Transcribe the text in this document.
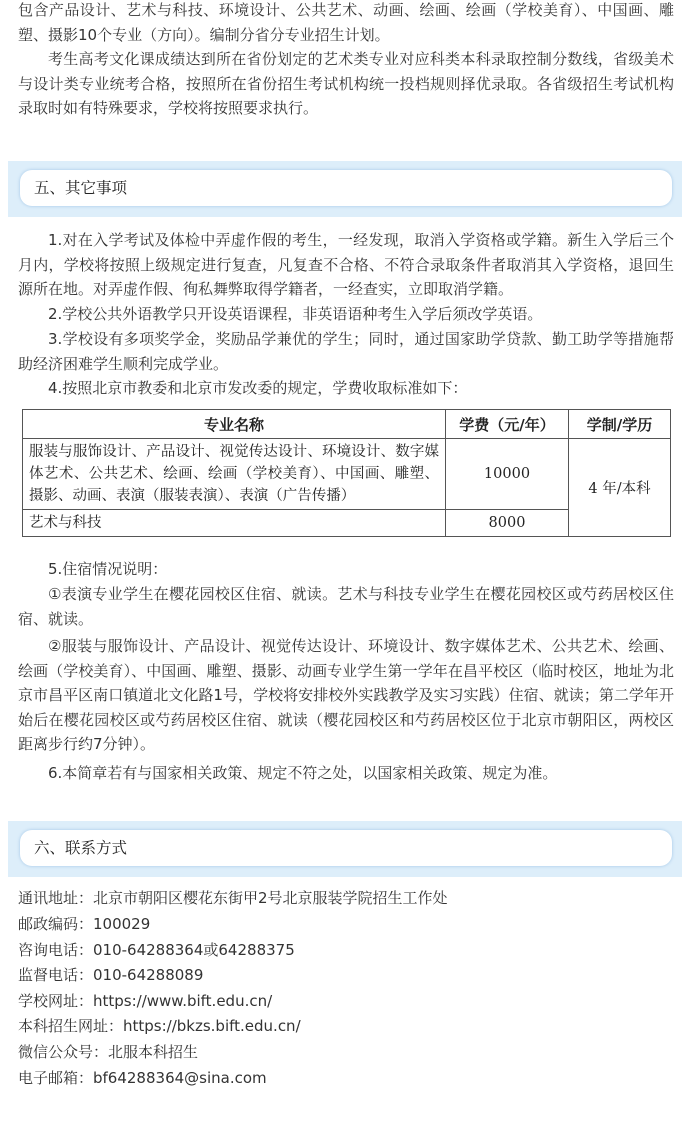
包含产品设计、艺术与科技、环境设计、公共艺术、动画、绘画、绘画（学校美育）、中国画、雕塑、摄影10个专业（方向）。编制分省分专业招生计划。

考生高考文化课成绩达到所在省份划定的艺术类专业对应科类本科录取控制分数线，省级美术与设计类专业统考合格，按照所在省份招生考试机构统一投档规则择优录取。各省级招生考试机构录取时如有特殊要求，学校将按照要求执行。

五、其它事项

1.对在入学考试及体检中弄虚作假的考生，一经发现，取消入学资格或学籍。新生入学后三个月内，学校将按照上级规定进行复查，凡复查不合格、不符合录取条件者取消其入学资格，退回生源所在地。对弄虚作假、徇私舞弊取得学籍者，一经查实，立即取消学籍。

2.学校公共外语教学只开设英语课程，非英语语种考生入学后须改学英语。

3.学校设有多项奖学金，奖励品学兼优的学生；同时，通过国家助学贷款、勤工助学等措施帮助经济困难学生顺利完成学业。

4.按照北京市教委和北京市发改委的规定，学费收取标准如下：

专业名称	学费（元/年）	学制/学历
服装与服饰设计、产品设计、视觉传达设计、环境设计、数字媒体艺术、公共艺术、绘画、绘画（学校美育）、中国画、雕塑、摄影、动画、表演（服装表演）、表演（广告传播）	10000	4 年/本科
艺术与科技	8000	

5.住宿情况说明：

①表演专业学生在樱花园校区住宿、就读。艺术与科技专业学生在樱花园校区或芍药居校区住宿、就读。

②服装与服饰设计、产品设计、视觉传达设计、环境设计、数字媒体艺术、公共艺术、绘画、绘画（学校美育）、中国画、雕塑、摄影、动画专业学生第一学年在昌平校区（临时校区，地址为北京市昌平区南口镇道北文化路1号，学校将安排校外实践教学及实习实践）住宿、就读；第二学年开始后在樱花园校区或芍药居校区住宿、就读（樱花园校区和芍药居校区位于北京市朝阳区，两校区距离步行约7分钟）。

6.本简章若有与国家相关政策、规定不符之处，以国家相关政策、规定为准。

六、联系方式
通讯地址：北京市朝阳区樱花东街甲2号北京服装学院招生工作处
邮政编码：100029
咨询电话：010-64288364或64288375
监督电话：010-64288089
学校网址：https://www.bift.edu.cn/
本科招生网址：https://bkzs.bift.edu.cn/
微信公众号：北服本科招生
电子邮箱：bf64288364@sina.com
